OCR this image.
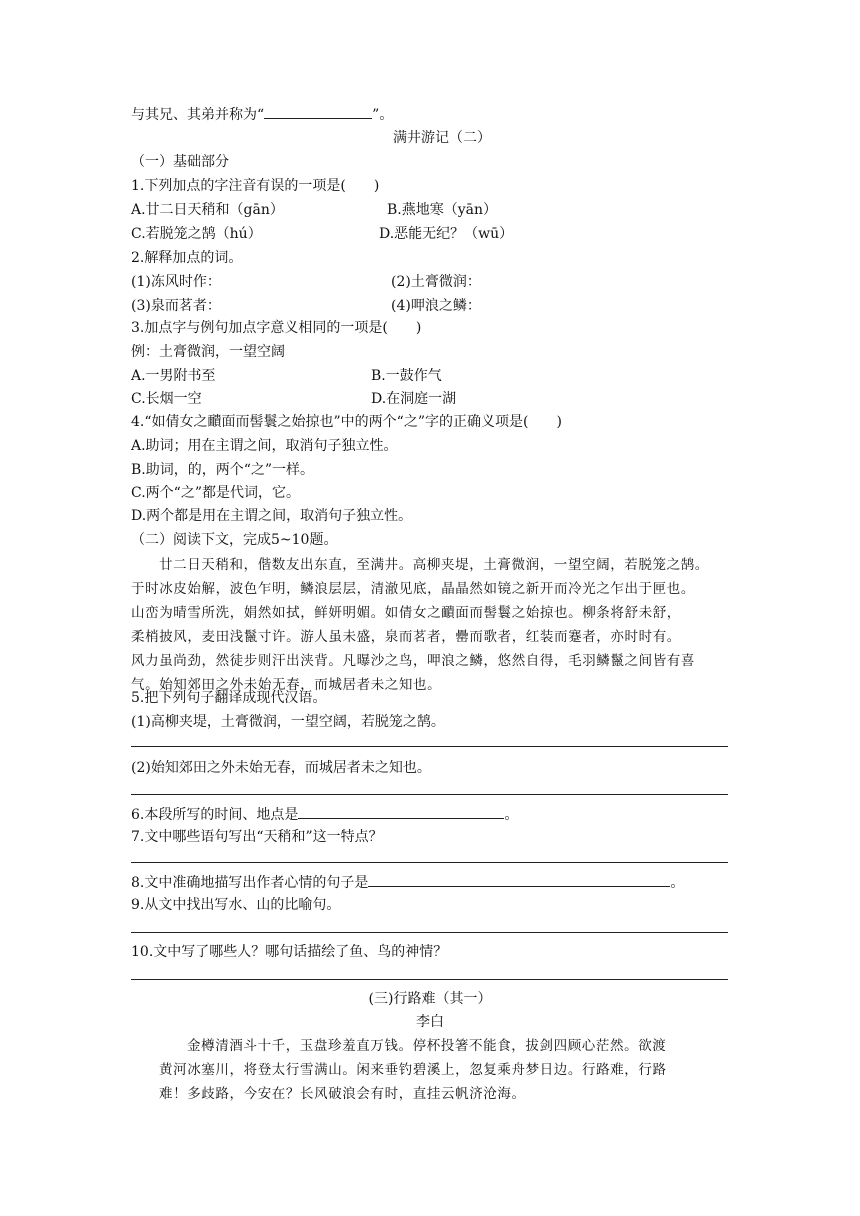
与其兄、其弟并称为“	”。
满井游记（二）
（一）基础部分
1.下列加点的字注音有误的一项是(　　)
A.廿二日天稍和（gān）	B.燕地寒（yān）
C.若脱笼之鹄（hú）	D.恶能无纪？（wū）
2.解释加点的词。
(1)冻风时作：	(2)土膏微润：
(3)泉而茗者：	(4)呷浪之鳞：
3.加点字与例句加点字意义相同的一项是(　　)
例：土膏微润，一望空阔
A.一男附书至	B.一鼓作气
C.长烟一空	D.在洞庭一湖
4.“如倩女之靧面而髻鬟之始掠也”中的两个“之”字的正确义项是(　　)
A.助词；用在主谓之间，取消句子独立性。
B.助词，的，两个“之”一样。
C.两个“之”都是代词，它。
D.两个都是用在主谓之间，取消句子独立性。
（二）阅读下文，完成5~10题。
廿二日天稍和，偕数友出东直，至满井。高柳夹堤，土膏微润，一望空阔，若脱笼之鹄。
于时冰皮始解，波色乍明，鳞浪层层，清澈见底，晶晶然如镜之新开而冷光之乍出于匣也。
山峦为晴雪所洗，娟然如拭，鲜妍明媚。如倩女之靧面而髻鬟之始掠也。柳条将舒未舒，
柔梢披风，麦田浅鬣寸许。游人虽未盛，泉而茗者，罍而歌者，红装而蹇者，亦时时有。
风力虽尚劲，然徒步则汗出浃背。凡曝沙之鸟，呷浪之鳞，悠然自得，毛羽鳞鬣之间皆有喜
气。始知郊田之外未始无春，而城居者未之知也。
5.把下列句子翻译成现代汉语。
(1)高柳夹堤，土膏微润，一望空阔，若脱笼之鹄。
(2)始知郊田之外未始无春，而城居者未之知也。
6.本段所写的时间、地点是	。
7.文中哪些语句写出“天稍和”这一特点？
8.文中准确地描写出作者心情的句子是	。
9.从文中找出写水、山的比喻句。
10.文中写了哪些人？哪句话描绘了鱼、鸟的神情？
(三)行路难（其一）
李白
金樽清酒斗十千，玉盘珍羞直万钱。停杯投箸不能食，拔剑四顾心茫然。欲渡
黄河冰塞川，将登太行雪满山。闲来垂钓碧溪上，忽复乘舟梦日边。行路难，行路
难！多歧路，今安在？长风破浪会有时，直挂云帆济沧海。
